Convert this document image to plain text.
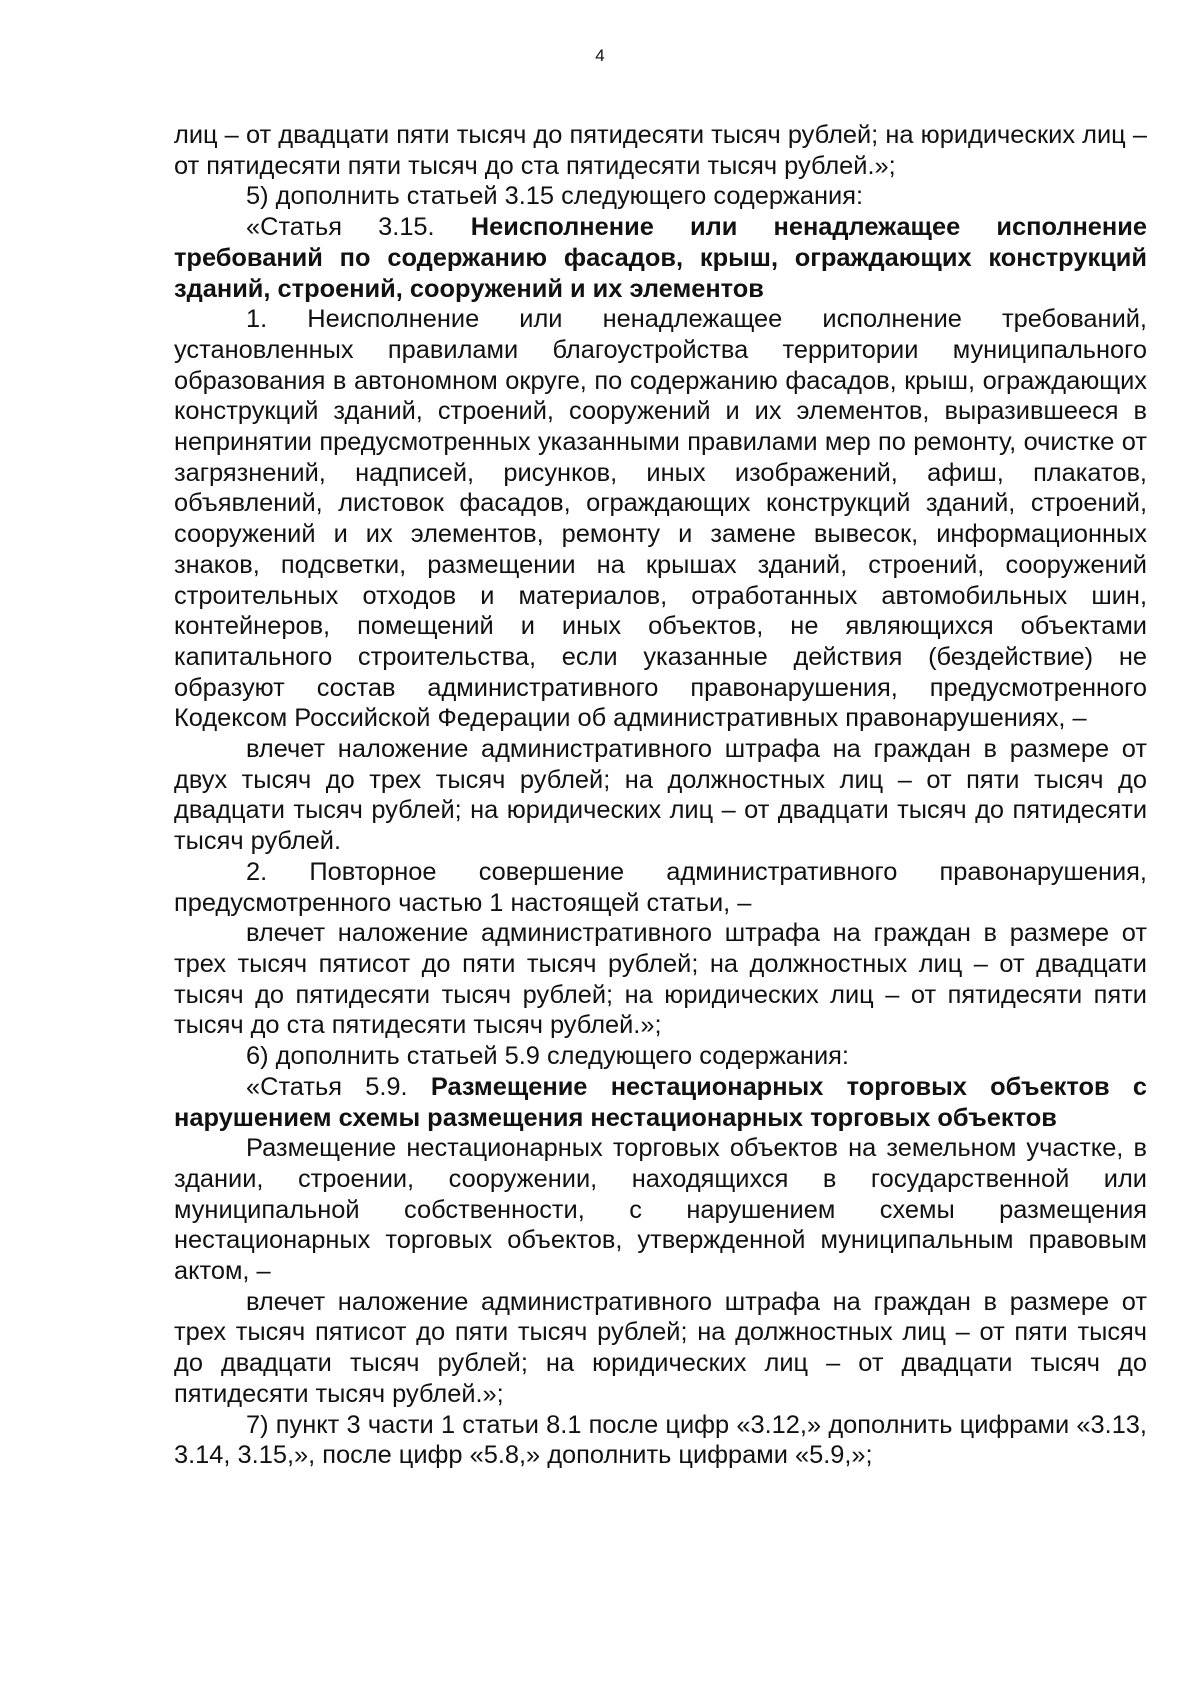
4

лиц – от двадцати пяти тысяч до пятидесяти тысяч рублей; на юридических лиц – от пятидесяти пяти тысяч до ста пятидесяти тысяч рублей.»;

5) дополнить статьей 3.15 следующего содержания:

«Статья 3.15. Неисполнение или ненадлежащее исполнение требований по содержанию фасадов, крыш, ограждающих конструкций зданий, строений, сооружений и их элементов

1. Неисполнение или ненадлежащее исполнение требований, установленных правилами благоустройства территории муниципального образования в автономном округе, по содержанию фасадов, крыш, ограждающих конструкций зданий, строений, сооружений и их элементов, выразившееся в непринятии предусмотренных указанными правилами мер по ремонту, очистке от загрязнений, надписей, рисунков, иных изображений, афиш, плакатов, объявлений, листовок фасадов, ограждающих конструкций зданий, строений, сооружений и их элементов, ремонту и замене вывесок, информационных знаков, подсветки, размещении на крышах зданий, строений, сооружений строительных отходов и материалов, отработанных автомобильных шин, контейнеров, помещений и иных объектов, не являющихся объектами капитального строительства, если указанные действия (бездействие) не образуют состав административного правонарушения, предусмотренного Кодексом Российской Федерации об административных правонарушениях, –

влечет наложение административного штрафа на граждан в размере от двух тысяч до трех тысяч рублей; на должностных лиц – от пяти тысяч до двадцати тысяч рублей; на юридических лиц – от двадцати тысяч до пятидесяти тысяч рублей.

2. Повторное совершение административного правонарушения, предусмотренного частью 1 настоящей статьи, –

влечет наложение административного штрафа на граждан в размере от трех тысяч пятисот до пяти тысяч рублей; на должностных лиц – от двадцати тысяч до пятидесяти тысяч рублей; на юридических лиц – от пятидесяти пяти тысяч до ста пятидесяти тысяч рублей.»;

6) дополнить статьей 5.9 следующего содержания:

«Статья 5.9. Размещение нестационарных торговых объектов с нарушением схемы размещения нестационарных торговых объектов

Размещение нестационарных торговых объектов на земельном участке, в здании, строении, сооружении, находящихся в государственной или муниципальной собственности, с нарушением схемы размещения нестационарных торговых объектов, утвержденной муниципальным правовым актом, –

влечет наложение административного штрафа на граждан в размере от трех тысяч пятисот до пяти тысяч рублей; на должностных лиц – от пяти тысяч до двадцати тысяч рублей; на юридических лиц – от двадцати тысяч до пятидесяти тысяч рублей.»;

7) пункт 3 части 1 статьи 8.1 после цифр «3.12,» дополнить цифрами «3.13, 3.14, 3.15,», после цифр «5.8,» дополнить цифрами «5.9,»;
